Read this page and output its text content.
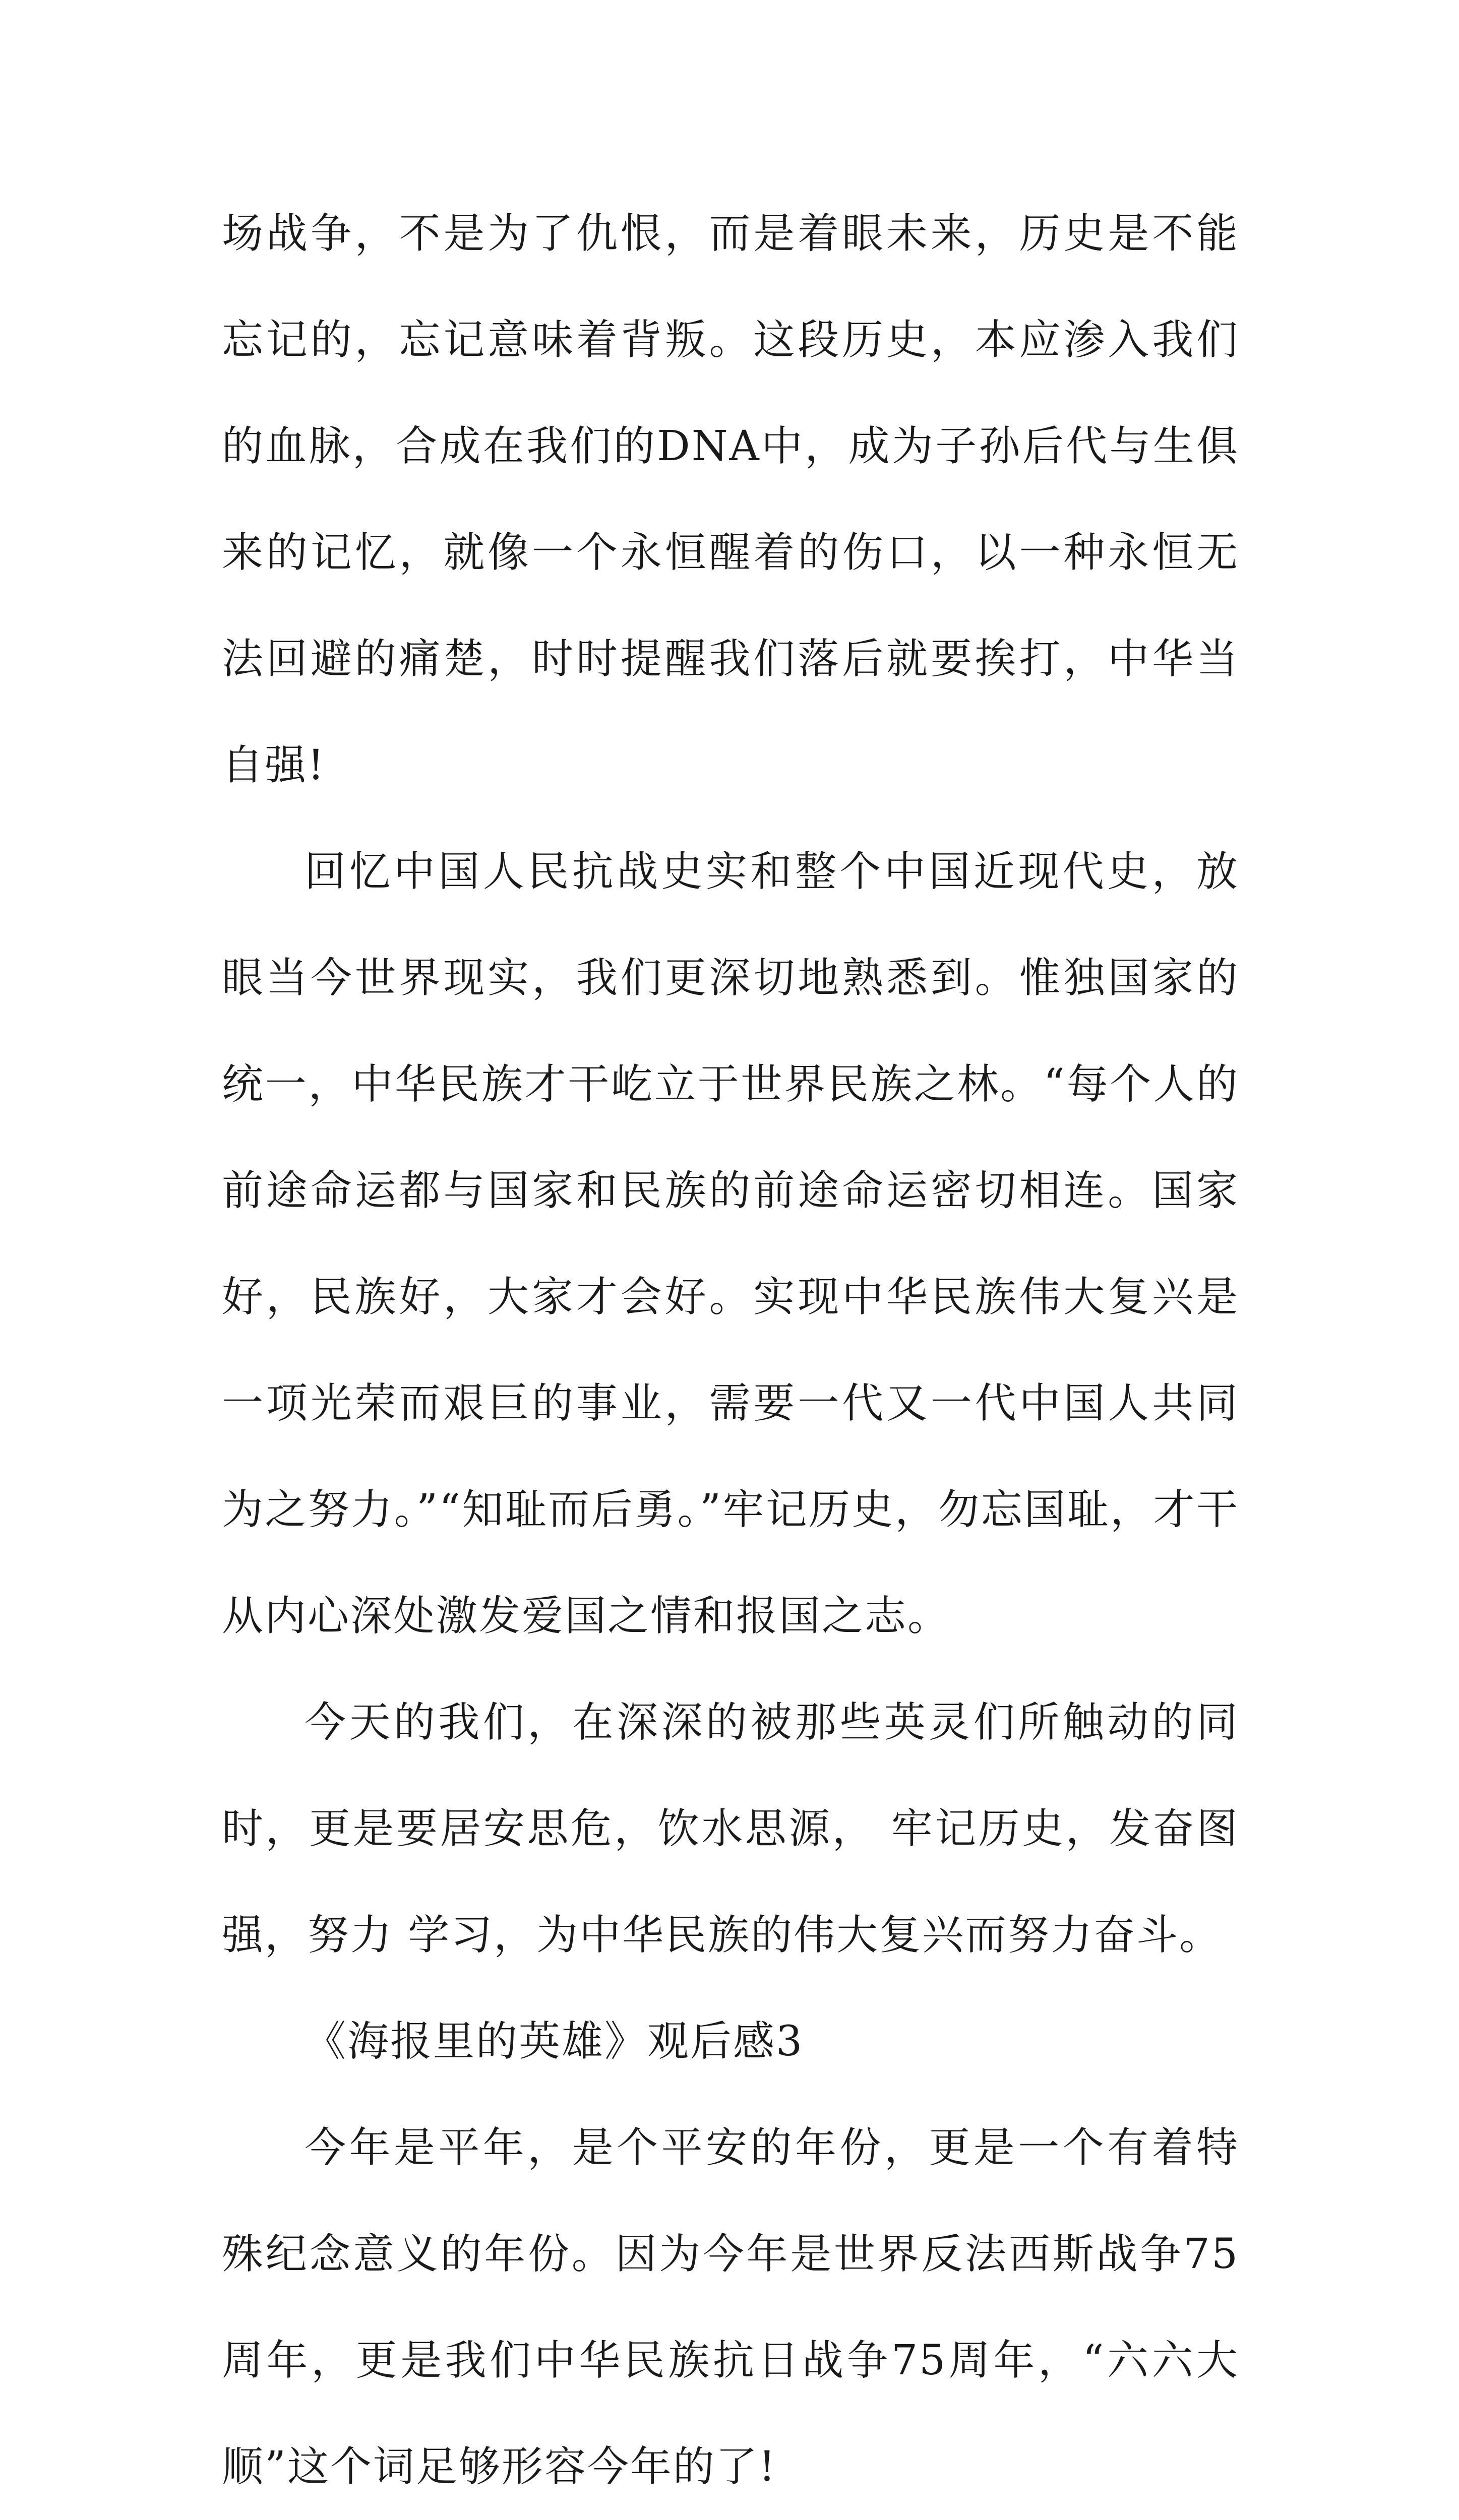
场战争，不是为了仇恨，而是着眼未来，历史是不能忘记的，忘记意味着背叛。这段历史，本应渗入我们的血脉，合成在我们的DNA中，成为子孙后代与生俱来的记忆，就像一个永恒醒着的伤口，以一种永恒无法回避的痛楚，时时提醒我们落后就要挨打，中华当自强!

回忆中国人民抗战史实和整个中国近现代史，放眼当今世界现实，我们更深切地熟悉到。惟独国家的统一，中华民族才干屹立于世界民族之林。“每个人的前途命运都与国家和民族的前途命运密切相连。国家好，民族好，大家才会好。实现中华民族伟大复兴是一项光荣而艰巨的事业，需要一代又一代中国人共同为之努力。”“知耻而后勇。”牢记历史，勿忘国耻，才干从内心深处激发爱国之情和报国之志。

今天的我们，在深深的被那些英灵们所触动的同时，更是要居安思危，饮水思源， 牢记历史，发奋图强，努力 学习，为中华民族的伟大复兴而努力奋斗。

《海报里的英雄》观后感3

今年是平年，是个平安的年份，更是一个有着特殊纪念意义的年份。因为今年是世界反法西斯战争75周年，更是我们中华民族抗日战争75周年，“六六大顺”这个词足够形容今年的了!
